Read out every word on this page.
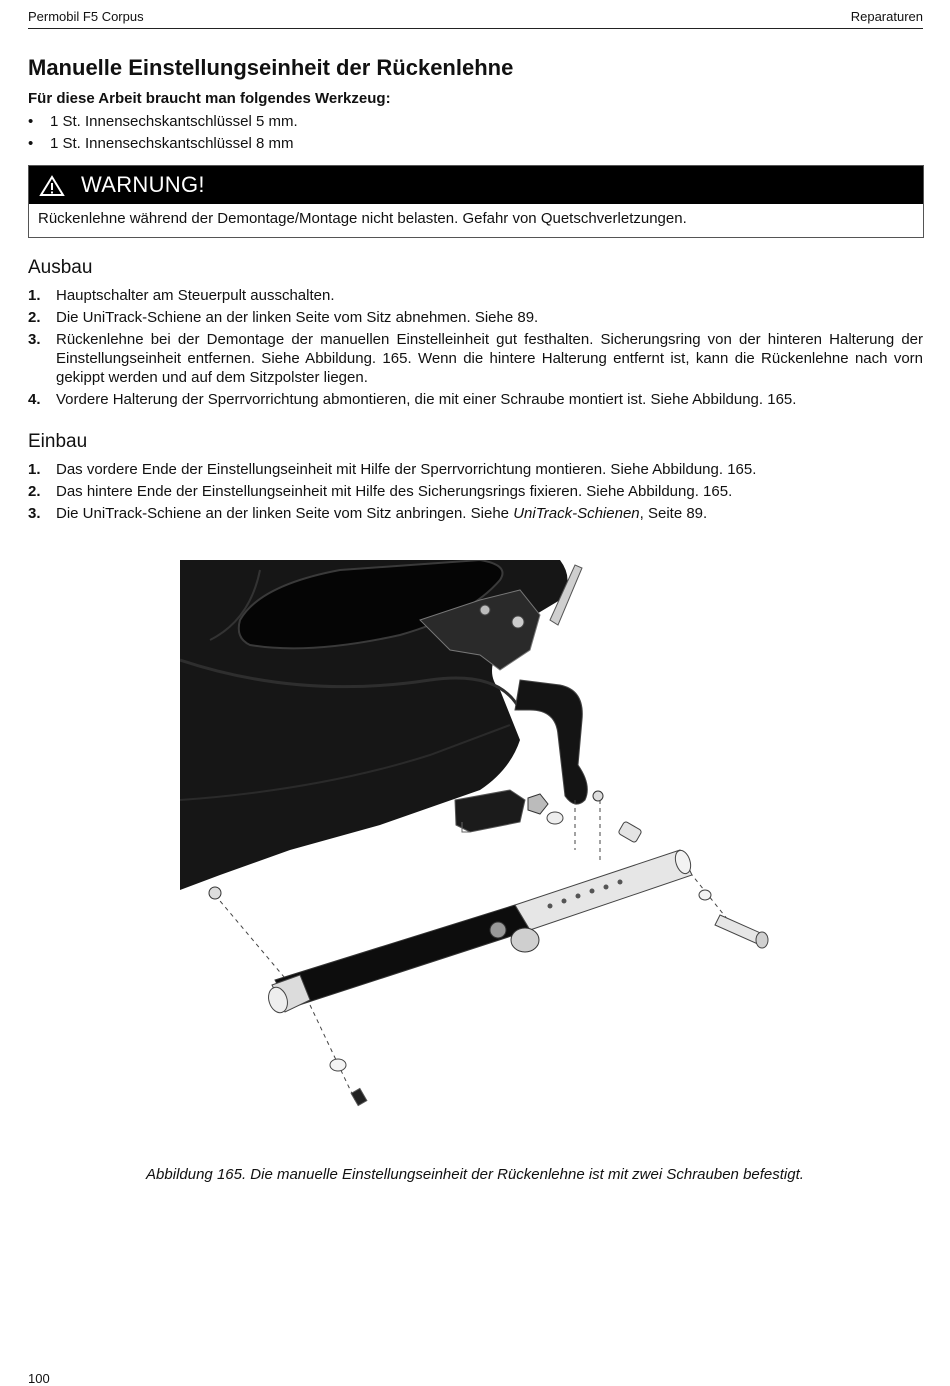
Permobil F5 Corpus	Reparaturen
Manuelle Einstellungseinheit der Rückenlehne
Für diese Arbeit braucht man folgendes Werkzeug:
• 1 St. Innensechskantschlüssel 5 mm.
• 1 St. Innensechskantschlüssel 8 mm
WARNUNG!
Rückenlehne während der Demontage/Montage nicht belasten. Gefahr von Quetschverletzungen.
Ausbau
1. Hauptschalter am Steuerpult ausschalten.
2. Die UniTrack-Schiene an der linken Seite vom Sitz abnehmen. Siehe 89.
3. Rückenlehne bei der Demontage der manuellen Einstelleinheit gut festhalten. Sicherungsring von der hinteren Halterung der Einstellungseinheit entfernen. Siehe Abbildung. 165. Wenn die hintere Halterung entfernt ist, kann die Rückenlehne nach vorn gekippt werden und auf dem Sitzpolster liegen.
4. Vordere Halterung der Sperrvorrichtung abmontieren, die mit einer Schraube montiert ist. Siehe Abbildung. 165.
Einbau
1. Das vordere Ende der Einstellungseinheit mit Hilfe der Sperrvorrichtung montieren. Siehe Abbildung. 165.
2. Das hintere Ende der Einstellungseinheit mit Hilfe des Sicherungsrings fixieren. Siehe Abbildung. 165.
3. Die UniTrack-Schiene an der linken Seite vom Sitz anbringen. Siehe UniTrack-Schienen, Seite 89.
Abbildung 165. Die manuelle Einstellungseinheit der Rückenlehne ist mit zwei Schrauben befestigt.
100
